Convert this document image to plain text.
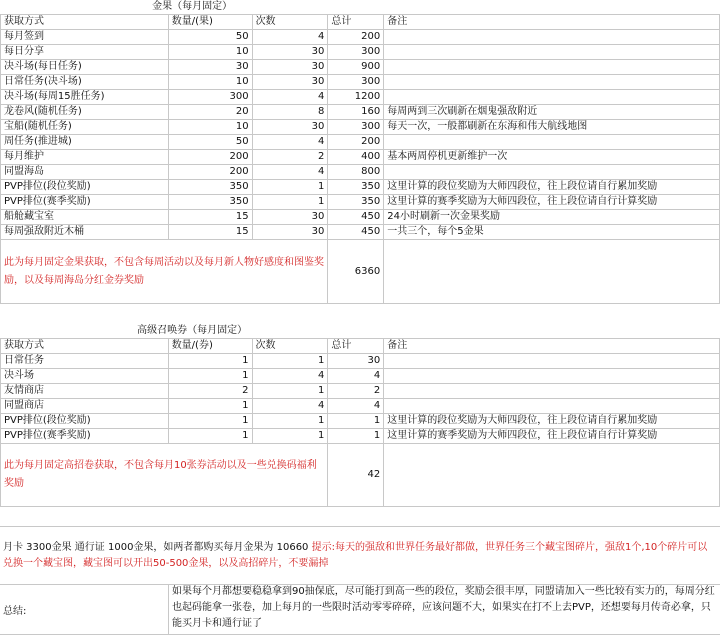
金果（每月固定）				
获取方式	数量/(果)	次数	总计	备注
每月签到	50	4	200	
每日分享	10	30	300	
决斗场(每日任务)	30	30	900	
日常任务(决斗场)	10	30	300	
决斗场(每周15胜任务)	300	4	1200	
龙卷风(随机任务)	20	8	160	每周两到三次刷新在烟鬼强敌附近
宝船(随机任务)	10	30	300	每天一次，一般都刷新在东海和伟大航线地图
周任务(推进城)	50	4	200	
每月维护	200	2	400	基本两周停机更新维护一次
同盟海岛	200	4	800	
PVP排位(段位奖励)	350	1	350	这里计算的段位奖励为大师四段位，往上段位请自行累加奖励
PVP排位(赛季奖励)	350	1	350	这里计算的赛季奖励为大师四段位，往上段位请自行计算奖励
船舱藏宝室	15	30	450	24小时刷新一次金果奖励
每周强敌附近木桶	15	30	450	一共三个，每个5金果
此为每月固定金果获取，不包含每周活动以及每月新人物好感度和图鉴奖励，以及每周海岛分红金券奖励			6360	

高级召唤券（每月固定）				
获取方式	数量/(券)	次数	总计	备注
日常任务	1	1	30	
决斗场	1	4	4	
友情商店	2	1	2	
同盟商店	1	4	4	
PVP排位(段位奖励)	1	1	1	这里计算的段位奖励为大师四段位，往上段位请自行累加奖励
PVP排位(赛季奖励)	1	1	1	这里计算的赛季奖励为大师四段位，往上段位请自行计算奖励
此为每月固定高招卷获取，不包含每月10张券活动以及一些兑换码福利奖励			42	
月卡 3300金果 通行证 1000金果，如两者都购买每月金果为 10660 提示:每天的强敌和世界任务最好都做，世界任务三个藏宝图碎片，强敌1个,10个碎片可以兑换一个藏宝图，藏宝图可以开出50-500金果，以及高招碎片，不要漏掉
总结:
如果每个月都想要稳稳拿到90抽保底，尽可能打到高一些的段位，奖励会很丰厚，同盟请加入一些比较有实力的，每周分红也起码能拿一张卷，加上每月的一些限时活动零零碎碎，应该问题不大，如果实在打不上去PVP，还想要每月传奇必拿，只能买月卡和通行证了
